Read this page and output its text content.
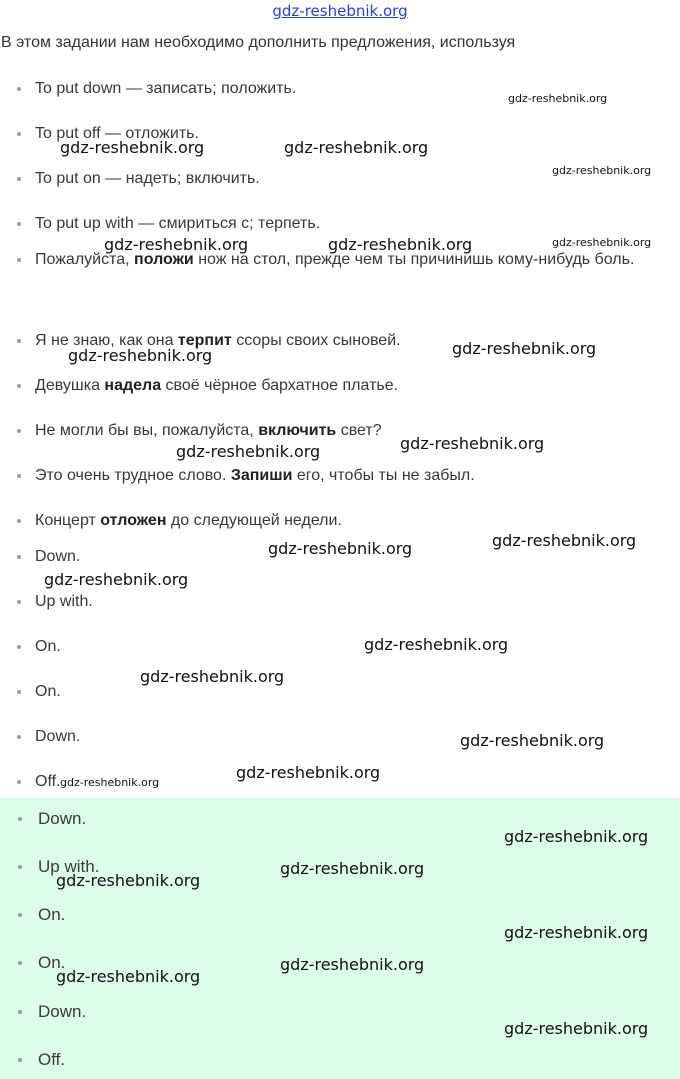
gdz-reshebnik.org
В этом задании нам необходимо дополнить предложения, используя
To put down — записать; положить.
To put off — отложить.
To put on — надеть; включить.
To put up with — смириться с; терпеть.
Пожалуйста, положи нож на стол, прежде чем ты причинишь кому-нибудь боль.
Я не знаю, как она терпит ссоры своих сыновей.
Девушка надела своё чёрное бархатное платье.
Не могли бы вы, пожалуйста, включить свет?
Это очень трудное слово. Запиши его, чтобы ты не забыл.
Концерт отложен до следующей недели.
Down.
Up with.
On.
On.
Down.
Off.
Down.
Up with.
On.
On.
Down.
Off.
gdz-reshebnik.org
gdz-reshebnik.org	gdz-reshebnik.org
gdz-reshebnik.org
gdz-reshebnik.org	gdz-reshebnik.org	gdz-reshebnik.org
gdz-reshebnik.org	gdz-reshebnik.org
gdz-reshebnik.org
gdz-reshebnik.org
gdz-reshebnik.org
gdz-reshebnik.org
gdz-reshebnik.org
gdz-reshebnik.org
gdz-reshebnik.org
gdz-reshebnik.org
gdz-reshebnik.org
gdz-reshebnik.org
gdz-reshebnik.org
gdz-reshebnik.org
gdz-reshebnik.org
gdz-reshebnik.org
gdz-reshebnik.org
gdz-reshebnik.org
gdz-reshebnik.org
